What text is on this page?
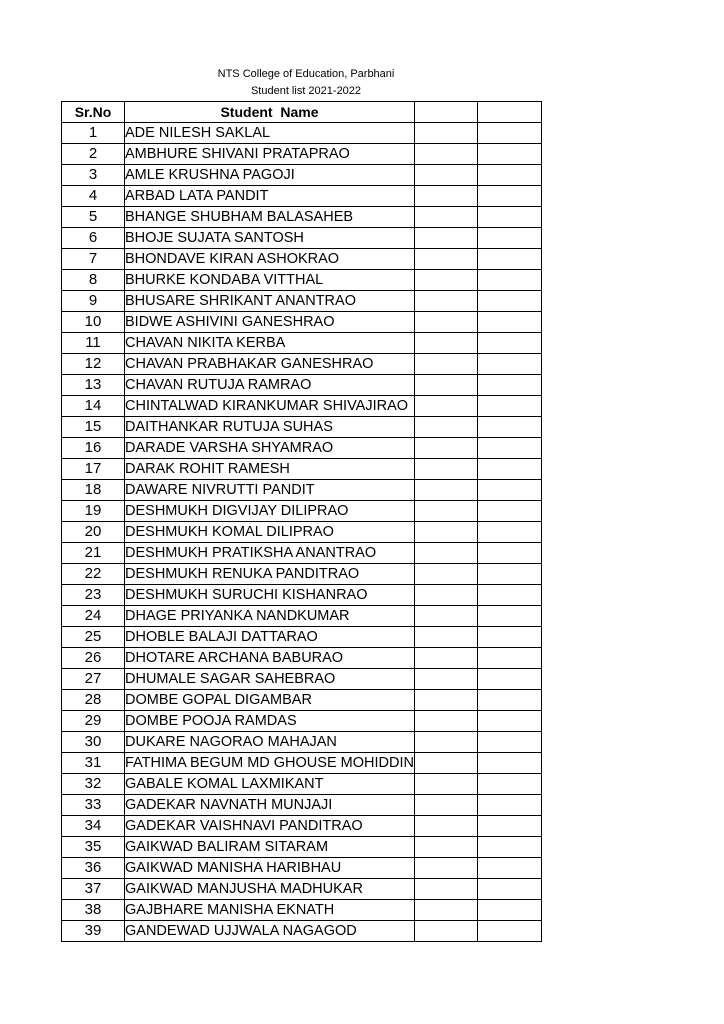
NTS College of Education, Parbhani
Student list 2021-2022
Sr.No	Student  Name		
1	ADE NILESH SAKLAL		
2	AMBHURE SHIVANI PRATAPRAO		
3	AMLE KRUSHNA PAGOJI		
4	ARBAD LATA PANDIT		
5	BHANGE SHUBHAM BALASAHEB		
6	BHOJE SUJATA SANTOSH		
7	BHONDAVE KIRAN ASHOKRAO		
8	BHURKE KONDABA VITTHAL		
9	BHUSARE SHRIKANT ANANTRAO		
10	BIDWE ASHIVINI GANESHRAO		
11	CHAVAN NIKITA KERBA		
12	CHAVAN PRABHAKAR GANESHRAO		
13	CHAVAN RUTUJA RAMRAO		
14	CHINTALWAD KIRANKUMAR SHIVAJIRAO		
15	DAITHANKAR RUTUJA SUHAS		
16	DARADE VARSHA SHYAMRAO		
17	DARAK ROHIT RAMESH		
18	DAWARE NIVRUTTI PANDIT		
19	DESHMUKH DIGVIJAY DILIPRAO		
20	DESHMUKH KOMAL DILIPRAO		
21	DESHMUKH PRATIKSHA ANANTRAO		
22	DESHMUKH RENUKA PANDITRAO		
23	DESHMUKH SURUCHI KISHANRAO		
24	DHAGE PRIYANKA NANDKUMAR		
25	DHOBLE BALAJI DATTARAO		
26	DHOTARE ARCHANA BABURAO		
27	DHUMALE SAGAR SAHEBRAO		
28	DOMBE GOPAL DIGAMBAR		
29	DOMBE POOJA RAMDAS		
30	DUKARE NAGORAO MAHAJAN		
31	FATHIMA BEGUM MD GHOUSE MOHIDDIN		
32	GABALE KOMAL LAXMIKANT		
33	GADEKAR NAVNATH MUNJAJI		
34	GADEKAR VAISHNAVI PANDITRAO		
35	GAIKWAD BALIRAM SITARAM		
36	GAIKWAD MANISHA HARIBHAU		
37	GAIKWAD MANJUSHA MADHUKAR		
38	GAJBHARE MANISHA EKNATH		
39	GANDEWAD UJJWALA NAGAGOD		
